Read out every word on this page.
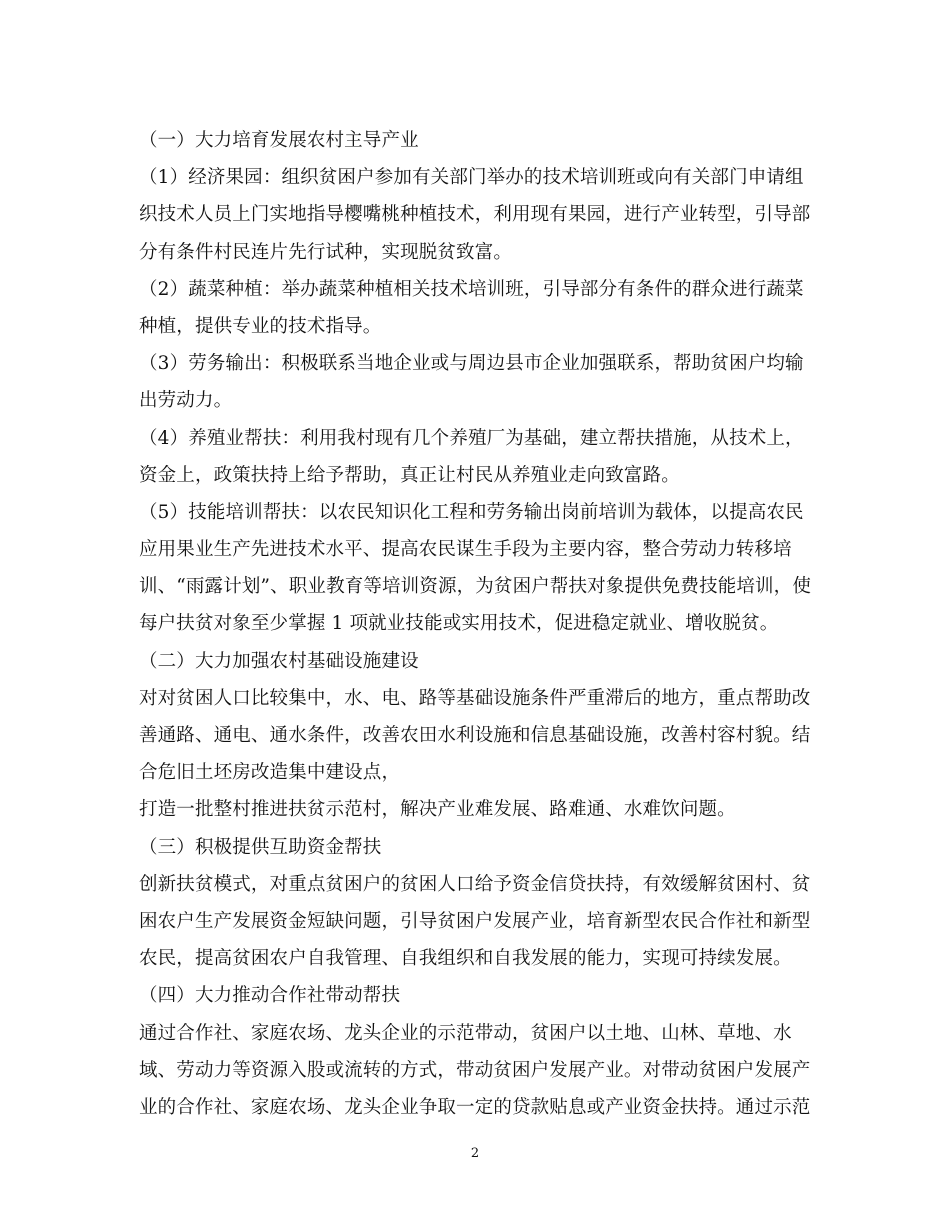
（一）大力培育发展农村主导产业
（1）经济果园：组织贫困户参加有关部门举办的技术培训班或向有关部门申请组
织技术人员上门实地指导樱嘴桃种植技术，利用现有果园，进行产业转型，引导部
分有条件村民连片先行试种，实现脱贫致富。
（2）蔬菜种植：举办蔬菜种植相关技术培训班，引导部分有条件的群众进行蔬菜
种植，提供专业的技术指导。
（3）劳务输出：积极联系当地企业或与周边县市企业加强联系，帮助贫困户均输
出劳动力。
（4）养殖业帮扶：利用我村现有几个养殖厂为基础，建立帮扶措施，从技术上，
资金上，政策扶持上给予帮助，真正让村民从养殖业走向致富路。
（5）技能培训帮扶：以农民知识化工程和劳务输出岗前培训为载体，以提高农民
应用果业生产先进技术水平、提高农民谋生手段为主要内容，整合劳动力转移培
训、“雨露计划”、职业教育等培训资源，为贫困户帮扶对象提供免费技能培训，使
每户扶贫对象至少掌握 1 项就业技能或实用技术，促进稳定就业、增收脱贫。
（二）大力加强农村基础设施建设
对对贫困人口比较集中，水、电、路等基础设施条件严重滞后的地方，重点帮助改
善通路、通电、通水条件，改善农田水利设施和信息基础设施，改善村容村貌。结
合危旧土坯房改造集中建设点，
打造一批整村推进扶贫示范村，解决产业难发展、路难通、水难饮问题。
（三）积极提供互助资金帮扶
创新扶贫模式，对重点贫困户的贫困人口给予资金信贷扶持，有效缓解贫困村、贫
困农户生产发展资金短缺问题，引导贫困户发展产业，培育新型农民合作社和新型
农民，提高贫困农户自我管理、自我组织和自我发展的能力，实现可持续发展。
（四）大力推动合作社带动帮扶
通过合作社、家庭农场、龙头企业的示范带动，贫困户以土地、山林、草地、水
域、劳动力等资源入股或流转的方式，带动贫困户发展产业。对带动贫困户发展产
业的合作社、家庭农场、龙头企业争取一定的贷款贴息或产业资金扶持。通过示范
2
